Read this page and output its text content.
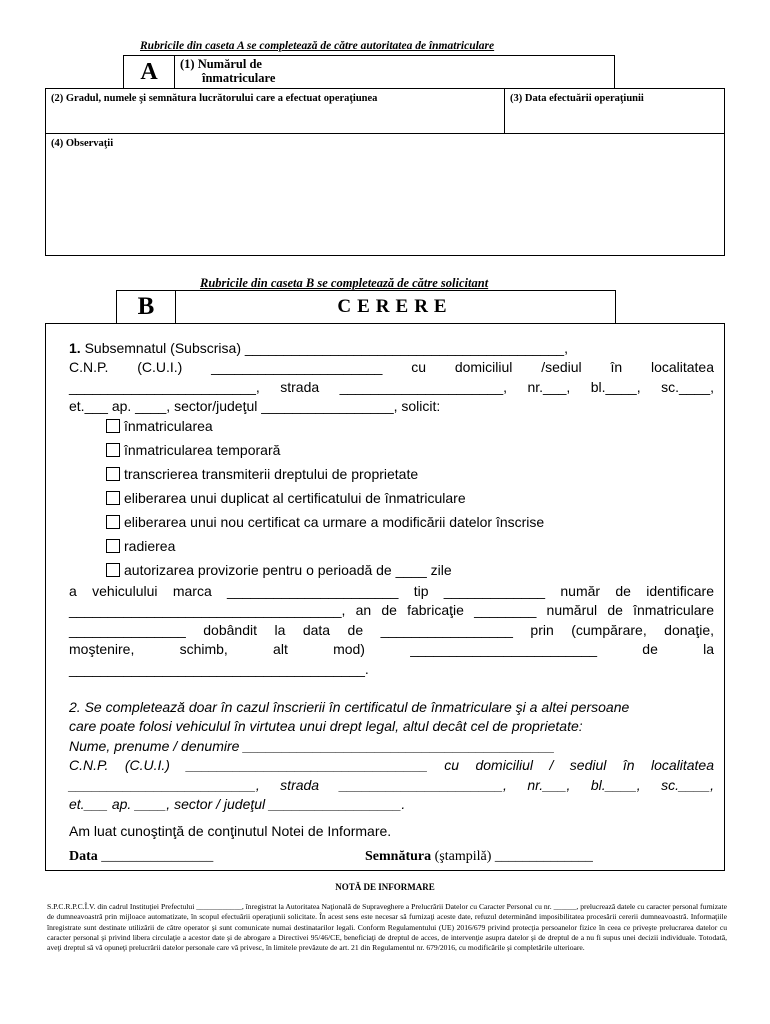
Rubricile din caseta A se completează de către autoritatea de înmatriculare
A	(1) Numărul de
înmatriculare
(2) Gradul, numele şi semnătura lucrătorului care a efectuat operaţiunea	(3) Data efectuării operaţiunii
(4) Observaţii
Rubricile din caseta B se completează de către solicitant
B	CERERE
1. Subsemnatul (Subscrisa) _________________________________________,
C.N.P. (C.U.I.) ______________________ cu domiciliul /sediul în localitatea
________________________, strada _____________________, nr.___, bl.____, sc.____,
et.___ ap. ____, sector/judeţul _________________, solicit:
înmatricularea
înmatricularea temporară
transcrierea transmiterii dreptului de proprietate
eliberarea unui duplicat al certificatului de înmatriculare
eliberarea unui nou certificat ca urmare a modificării datelor înscrise
radierea
autorizarea provizorie pentru o perioadă de ____ zile
a vehiculului marca ______________________ tip _____________ număr de identificare
___________________________________, an de fabricaţie ________ numărul de înmatriculare
_______________ dobândit la data de _________________ prin (cumpărare, donaţie,
moştenire, schimb, alt mod) ________________________ de la
______________________________________.
2. Se completează doar în cazul înscrierii în certificatul de înmatriculare şi a altei persoane
care poate folosi vehiculul în virtutea unui drept legal, altul decât cel de proprietate:
Nume, prenume / denumire ________________________________________
C.N.P. (C.U.I.) _______________________________ cu domiciliul / sediul în localitatea
________________________, strada _____________________, nr.___, bl.____, sc.____,
et.___ ap. ____, sector / judeţul _________________.
Am luat cunoştinţă de conţinutul Notei de Informare.
Data ________________	Semnătura (ştampilă) ______________
NOTĂ DE INFORMARE
S.P.C.R.P.C.Î.V. din cadrul Instituţiei Prefectului ____________, înregistrat la Autoritatea Naţională de Supraveghere a Prelucrării Datelor cu Caracter Personal cu nr. ______, prelucrează datele cu caracter personal furnizate de dumneavoastră prin mijloace automatizate, în scopul efectuării operaţiunii solicitate. În acest sens este necesar să furnizaţi aceste date, refuzul determinând imposibilitatea procesării cererii dumneavoastră. Informaţiile înregistrate sunt destinate utilizării de către operator şi sunt comunicate numai destinatarilor legali. Conform Regulamentului (UE) 2016/679 privind protecţia persoanelor fizice în ceea ce priveşte prelucrarea datelor cu caracter personal şi privind libera circulaţie a acestor date şi de abrogare a Directivei 95/46/CE, beneficiaţi de dreptul de acces, de intervenţie asupra datelor şi de dreptul de a nu fi supus unei decizii individuale. Totodată, aveţi dreptul să vă opuneţi prelucrării datelor personale care vă privesc, în limitele prevăzute de art. 21 din Regulamentul nr. 679/2016, cu modificările şi completările ulterioare.
